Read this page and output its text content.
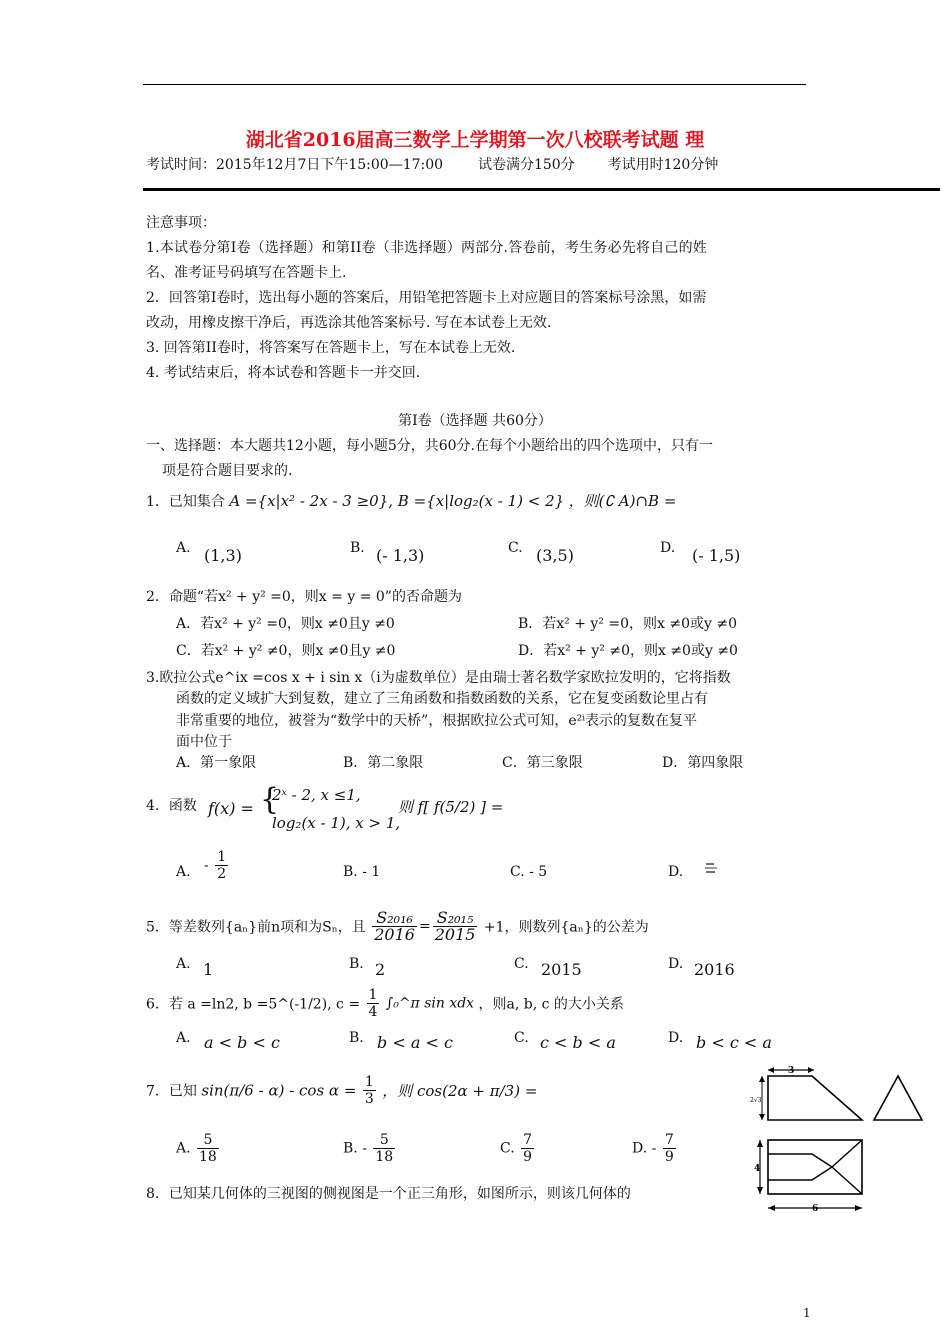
湖北省2016届高三数学上学期第一次八校联考试题 理
考试时间：2015年12月7日下午15:00—17:00 试卷满分150分 考试用时120分钟
注意事项：
1.本试卷分第I卷（选择题）和第II卷（非选择题）两部分.答卷前，考生务必先将自己的姓
名、准考证号码填写在答题卡上.
2．回答第I卷时，选出每小题的答案后，用铅笔把答题卡上对应题目的答案标号涂黑，如需
改动，用橡皮擦干净后，再选涂其他答案标号. 写在本试卷上无效.
3. 回答第II卷时，将答案写在答题卡上，写在本试卷上无效.
4. 考试结束后，将本试卷和答题卡一并交回.
第I卷（选择题 共60分）
一、选择题：本大题共12小题，每小题5分，共60分.在每个小题给出的四个选项中，只有一
项是符合题目要求的.
1．已知集合 A ={x|x² - 2x - 3 ≥0}, B ={x|log₂(x - 1) < 2} ，则(∁ A)∩B =
A. (1,3)	B. (- 1,3)	C. (3,5)	D. (- 1,5)
2．命题“若x² + y² =0，则x = y = 0”的否命题为
A．若x² + y² =0，则x ≠0且y ≠0	B．若x² + y² =0，则x ≠0或y ≠0
C．若x² + y² ≠0，则x ≠0且y ≠0	D．若x² + y² ≠0，则x ≠0或y ≠0
3.欧拉公式e^ix =cos x + i sin x（i为虚数单位）是由瑞士著名数学家欧拉发明的，它将指数
函数的定义域扩大到复数，建立了三角函数和指数函数的关系，它在复变函数论里占有
非常重要的地位，被誉为“数学中的天桥”，根据欧拉公式可知，e²ⁱ表示的复数在复平
面中位于
A．第一象限	B．第二象限	C．第三象限	D．第四象限
4．函数 f(x) = {
2ˣ - 2, x ≤1,
log₂(x - 1), x > 1,
则 f[ f(5/2) ] =
A. - $\frac{1}{2}$	B. - 1	C. - 5	D.
5．等差数列{aₙ}前n项和为Sₙ，且 $\frac{\text{S₂₀₁₆}}{2016} = \frac{\text{S₂₀₁₅}}{2015} +1$，则数列{aₙ}的公差为
A. 1	B. 2	C. 2015	D. 2016
6．若 a =ln2, b =5^(-1/2), $c = \frac{1}{4}$ ∫₀^π sin xdx ，则a, b, c 的大小关系
A. a < b < c	B. b < a < c	C. c < b < a	D. b < c < a
7．已知 $\sin(\pi/6 - \alpha) - \cos \alpha = \frac{1}{3}$ ，则 cos(2α + π/3) =
A. $\frac{5}{18}$	B. - $\frac{5}{18}$	C. $\frac{7}{9}$	D. - $\frac{7}{9}$
8．已知某几何体的三视图的侧视图是一个正三角形，如图所示，则该几何体的
3
2√3
4
6
1
